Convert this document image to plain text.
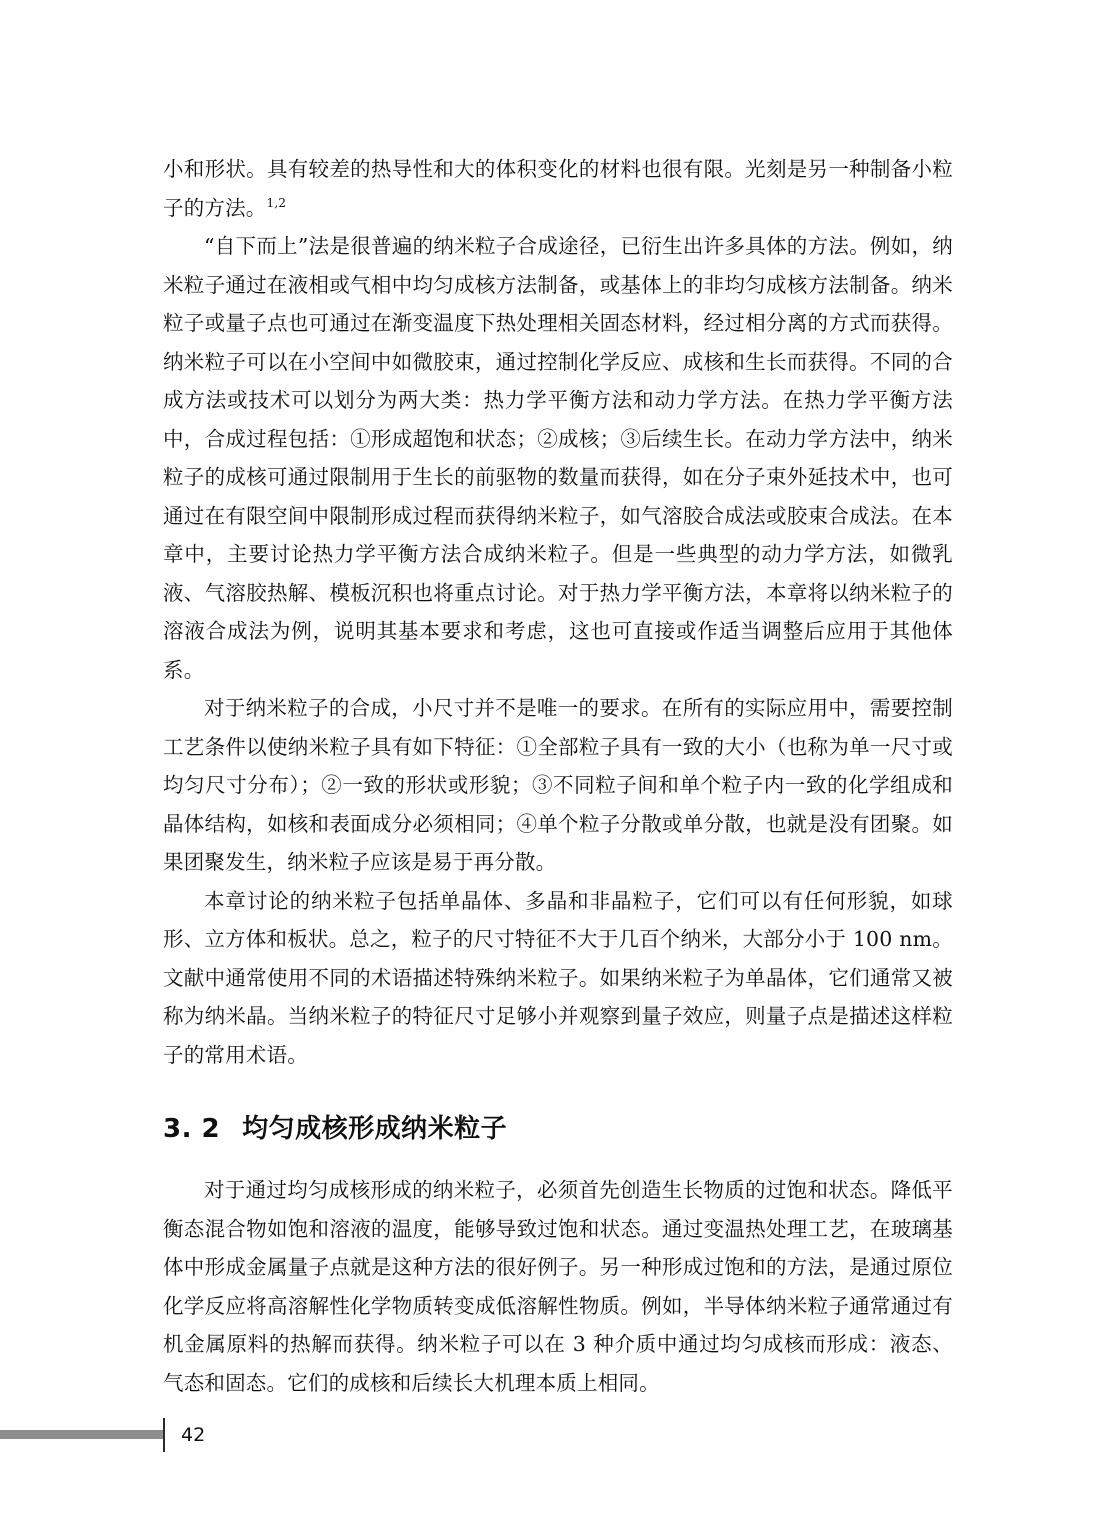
小和形状。具有较差的热导性和大的体积变化的材料也很有限。光刻是另一种制备小粒子的方法。$^{1,2}$

“自下而上”法是很普遍的纳米粒子合成途径，已衍生出许多具体的方法。例如，纳米粒子通过在液相或气相中均匀成核方法制备，或基体上的非均匀成核方法制备。纳米粒子或量子点也可通过在渐变温度下热处理相关固态材料，经过相分离的方式而获得。纳米粒子可以在小空间中如微胶束，通过控制化学反应、成核和生长而获得。不同的合成方法或技术可以划分为两大类：热力学平衡方法和动力学方法。在热力学平衡方法中，合成过程包括：①形成超饱和状态；②成核；③后续生长。在动力学方法中，纳米粒子的成核可通过限制用于生长的前驱物的数量而获得，如在分子束外延技术中，也可通过在有限空间中限制形成过程而获得纳米粒子，如气溶胶合成法或胶束合成法。在本章中，主要讨论热力学平衡方法合成纳米粒子。但是一些典型的动力学方法，如微乳液、气溶胶热解、模板沉积也将重点讨论。对于热力学平衡方法，本章将以纳米粒子的溶液合成法为例，说明其基本要求和考虑，这也可直接或作适当调整后应用于其他体系。

对于纳米粒子的合成，小尺寸并不是唯一的要求。在所有的实际应用中，需要控制工艺条件以使纳米粒子具有如下特征：①全部粒子具有一致的大小（也称为单一尺寸或均匀尺寸分布）；②一致的形状或形貌；③不同粒子间和单个粒子内一致的化学组成和晶体结构，如核和表面成分必须相同；④单个粒子分散或单分散，也就是没有团聚。如果团聚发生，纳米粒子应该是易于再分散。

本章讨论的纳米粒子包括单晶体、多晶和非晶粒子，它们可以有任何形貌，如球形、立方体和板状。总之，粒子的尺寸特征不大于几百个纳米，大部分小于 100 nm。文献中通常使用不同的术语描述特殊纳米粒子。如果纳米粒子为单晶体，它们通常又被称为纳米晶。当纳米粒子的特征尺寸足够小并观察到量子效应，则量子点是描述这样粒子的常用术语。

3. 2 均匀成核形成纳米粒子

对于通过均匀成核形成的纳米粒子，必须首先创造生长物质的过饱和状态。降低平衡态混合物如饱和溶液的温度，能够导致过饱和状态。通过变温热处理工艺，在玻璃基体中形成金属量子点就是这种方法的很好例子。另一种形成过饱和的方法，是通过原位化学反应将高溶解性化学物质转变成低溶解性物质。例如，半导体纳米粒子通常通过有机金属原料的热解而获得。纳米粒子可以在 3 种介质中通过均匀成核而形成：液态、气态和固态。它们的成核和后续长大机理本质上相同。

42
